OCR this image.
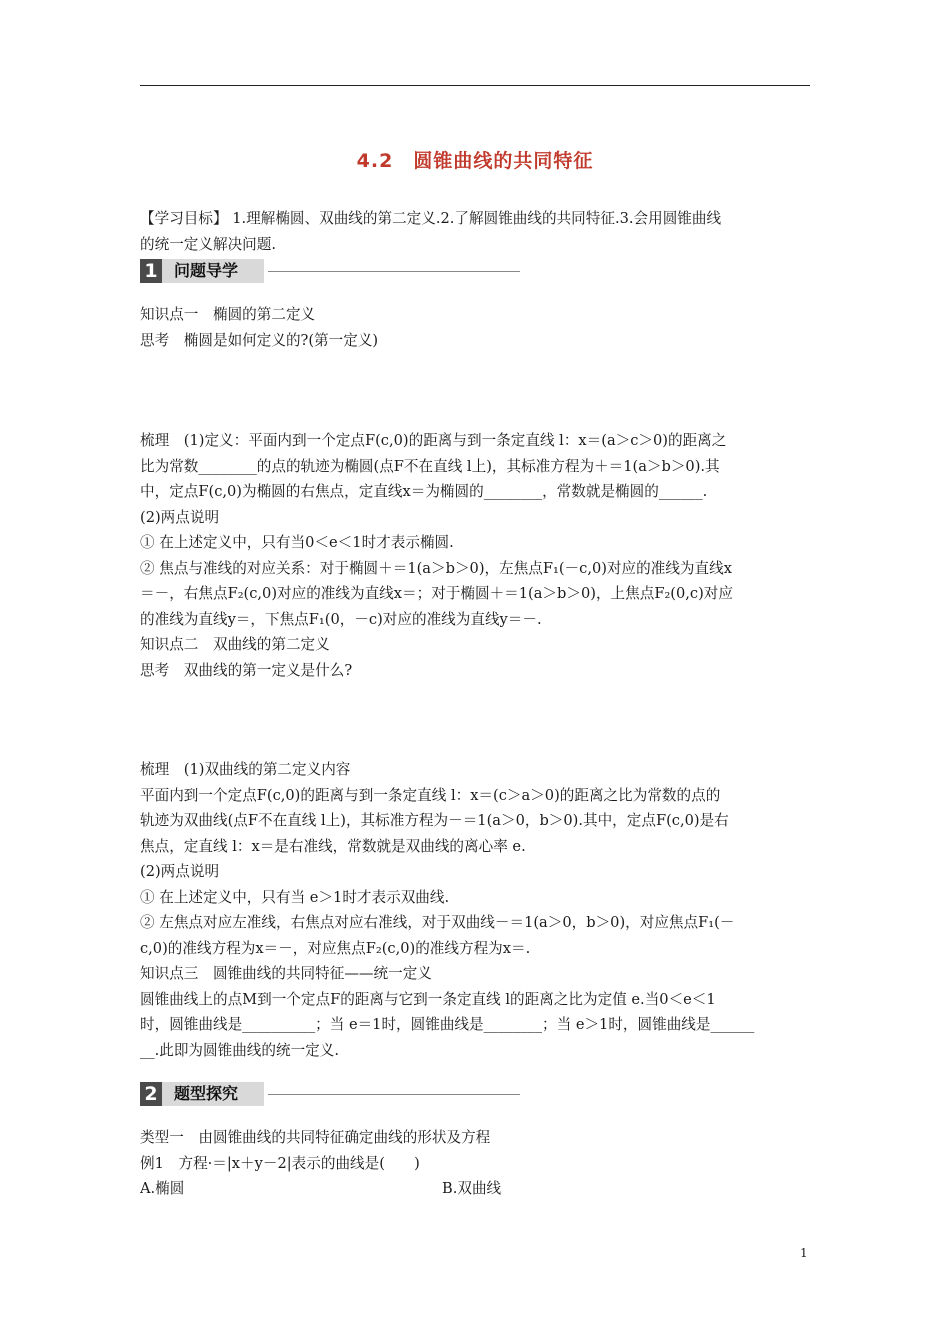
4.2　圆锥曲线的共同特征
【学习目标】 1.理解椭圆、双曲线的第二定义.2.了解圆锥曲线的共同特征.3.会用圆锥曲线
的统一定义解决问题.
1	问题导学
知识点一　椭圆的第二定义
思考　椭圆是如何定义的?(第一定义)
梳理　(1)定义：平面内到一个定点F(c,0)的距离与到一条定直线 l：x＝(a＞c＞0)的距离之
比为常数________的点的轨迹为椭圆(点F不在直线 l上)，其标准方程为＋＝1(a＞b＞0).其
中，定点F(c,0)为椭圆的右焦点，定直线x＝为椭圆的________，常数就是椭圆的______.
(2)两点说明
① 在上述定义中，只有当0＜e＜1时才表示椭圆.
② 焦点与准线的对应关系：对于椭圆＋＝1(a＞b＞0)，左焦点F₁(－c,0)对应的准线为直线x
＝－，右焦点F₂(c,0)对应的准线为直线x＝；对于椭圆＋＝1(a＞b＞0)，上焦点F₂(0,c)对应
的准线为直线y＝，下焦点F₁(0，－c)对应的准线为直线y＝－.
知识点二　双曲线的第二定义
思考　双曲线的第一定义是什么?
梳理　(1)双曲线的第二定义内容
平面内到一个定点F(c,0)的距离与到一条定直线 l：x＝(c＞a＞0)的距离之比为常数的点的
轨迹为双曲线(点F不在直线 l上)，其标准方程为－＝1(a＞0，b＞0).其中，定点F(c,0)是右
焦点，定直线 l：x＝是右准线，常数就是双曲线的离心率 e.
(2)两点说明
① 在上述定义中，只有当 e＞1时才表示双曲线.
② 左焦点对应左准线，右焦点对应右准线，对于双曲线－＝1(a＞0，b＞0)，对应焦点F₁(－
c,0)的准线方程为x＝－，对应焦点F₂(c,0)的准线方程为x＝.
知识点三　圆锥曲线的共同特征——统一定义
圆锥曲线上的点M到一个定点F的距离与它到一条定直线 l的距离之比为定值 e.当0＜e＜1
时，圆锥曲线是__________；当 e＝1时，圆锥曲线是________；当 e＞1时，圆锥曲线是______
__.此即为圆锥曲线的统一定义.
2	题型探究
类型一　由圆锥曲线的共同特征确定曲线的形状及方程
例1　方程·＝|x＋y－2|表示的曲线是(　　)
A.椭圆	B.双曲线
1
